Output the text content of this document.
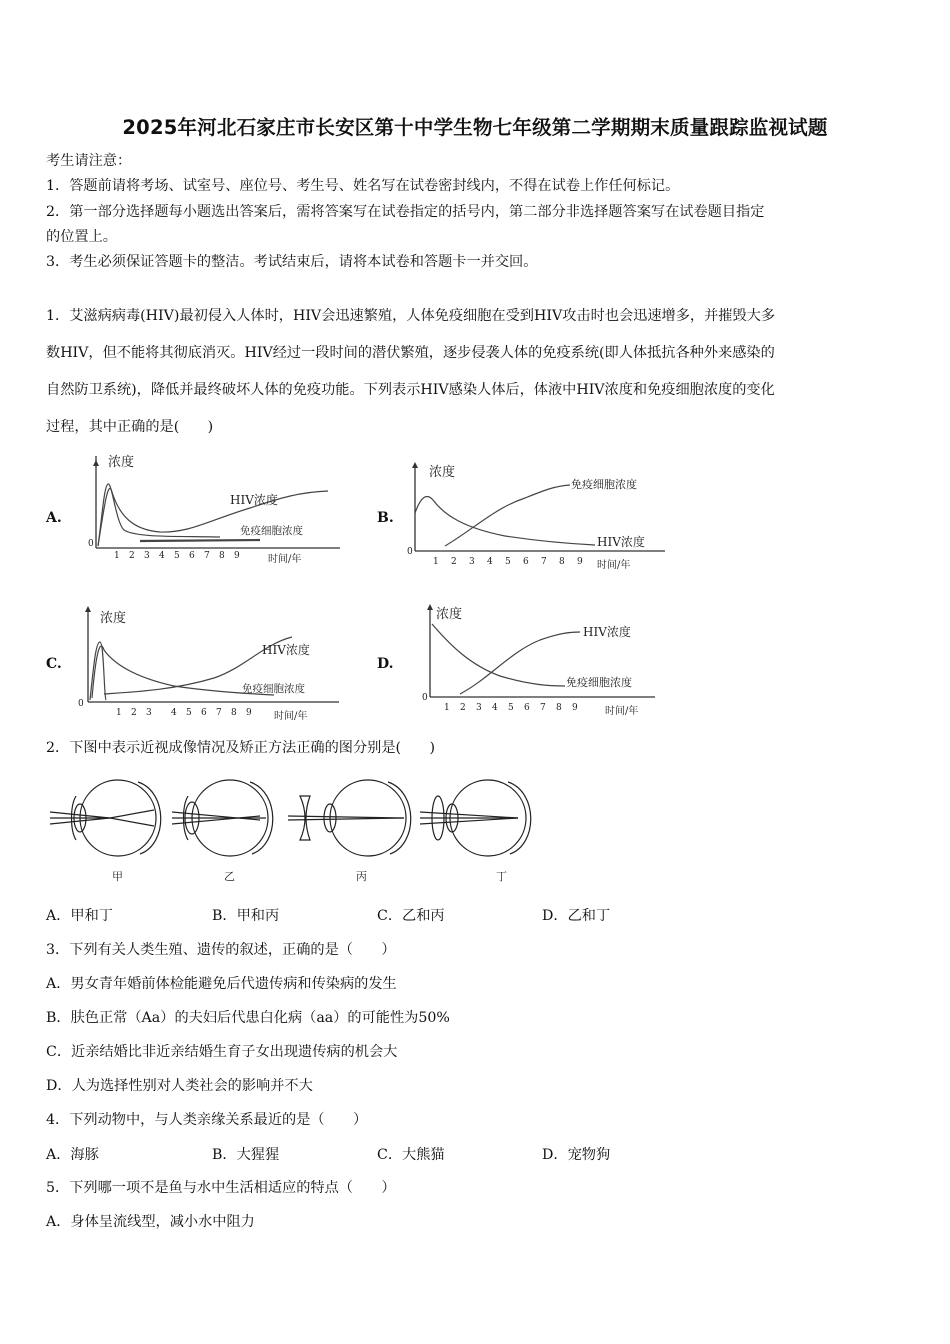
2025年河北石家庄市长安区第十中学生物七年级第二学期期末质量跟踪监视试题
考生请注意：
1．答题前请将考场、试室号、座位号、考生号、姓名写在试卷密封线内，不得在试卷上作任何标记。
2．第一部分选择题每小题选出答案后，需将答案写在试卷指定的括号内，第二部分非选择题答案写在试卷题目指定
的位置上。
3．考生必须保证答题卡的整洁。考试结束后，请将本试卷和答题卡一并交回。

1．艾滋病病毒(HIV)最初侵入人体时，HIV会迅速繁殖，人体免疫细胞在受到HIV攻击时也会迅速增多，并摧毁大多

数HIV，但不能将其彻底消灭。HIV经过一段时间的潜伏繁殖，逐步侵袭人体的免疫系统(即人体抵抗各种外来感染的

自然防卫系统)，降低并最终破坏人体的免疫功能。下列表示HIV感染人体后，体液中HIV浓度和免疫细胞浓度的变化

过程，其中正确的是(　　)

A.	B.
C.	D.
浓度
0
HIV浓度
免疫细胞浓度
1 2 3 4 5 6 7 8 9	时间/年
浓度
0
免疫细胞浓度
HIV浓度
1 2 3 4 5 6 7 8 9 时间/年
浓度
0
HIV浓度
免疫细胞浓度
1 2 3 4 5 6 7 8 9 时间/年
浓度
0
HIV浓度
免疫细胞浓度
1 2 3 4 5 6 7 8 9	时间/年
2．下图中表示近视成像情况及矫正方法正确的图分别是(　　)
甲	乙	丙	丁
A．甲和丁	B．甲和丙	C．乙和丙	D．乙和丁
3．下列有关人类生殖、遗传的叙述，正确的是（　　）
A．男女青年婚前体检能避免后代遗传病和传染病的发生
B．肤色正常（Aa）的夫妇后代患白化病（aa）的可能性为50%
C．近亲结婚比非近亲结婚生育子女出现遗传病的机会大
D．人为选择性别对人类社会的影响并不大
4．下列动物中，与人类亲缘关系最近的是（　　）
A．海豚	B．大猩猩	C．大熊猫	D．宠物狗
5．下列哪一项不是鱼与水中生活相适应的特点（　　）
A．身体呈流线型，减小水中阻力
